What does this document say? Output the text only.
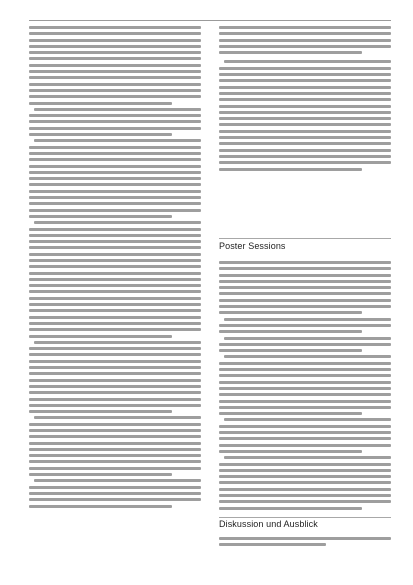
Poster Sessions
Diskussion und Ausblick
